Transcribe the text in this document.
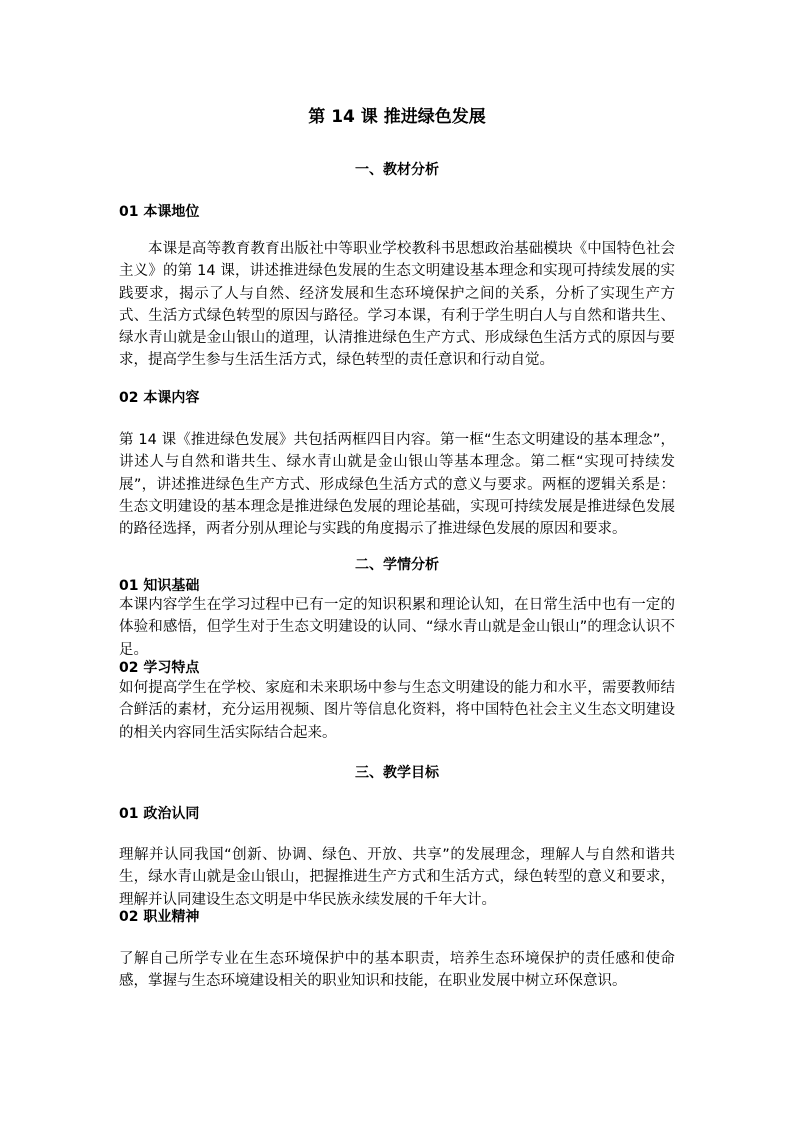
第 14 课 推进绿色发展
一、教材分析
01 本课地位

本课是高等教育教育出版社中等职业学校教科书思想政治基础模块《中国特色社会主义》的第 14 课，讲述推进绿色发展的生态文明建设基本理念和实现可持续发展的实践要求，揭示了人与自然、经济发展和生态环境保护之间的关系，分析了实现生产方式、生活方式绿色转型的原因与路径。学习本课，有利于学生明白人与自然和谐共生、绿水青山就是金山银山的道理，认清推进绿色生产方式、形成绿色生活方式的原因与要求，提高学生参与生活生活方式，绿色转型的责任意识和行动自觉。

02 本课内容

第 14 课《推进绿色发展》共包括两框四目内容。第一框“生态文明建设的基本理念”，讲述人与自然和谐共生、绿水青山就是金山银山等基本理念。第二框“实现可持续发展”，讲述推进绿色生产方式、形成绿色生活方式的意义与要求。两框的逻辑关系是：生态文明建设的基本理念是推进绿色发展的理论基础，实现可持续发展是推进绿色发展的路径选择，两者分别从理论与实践的角度揭示了推进绿色发展的原因和要求。

二、学情分析
01 知识基础

本课内容学生在学习过程中已有一定的知识积累和理论认知，在日常生活中也有一定的体验和感悟，但学生对于生态文明建设的认同、“绿水青山就是金山银山”的理念认识不足。

02 学习特点

如何提高学生在学校、家庭和未来职场中参与生态文明建设的能力和水平，需要教师结合鲜活的素材，充分运用视频、图片等信息化资料，将中国特色社会主义生态文明建设的相关内容同生活实际结合起来。

三、教学目标
01 政治认同

理解并认同我国“创新、协调、绿色、开放、共享”的发展理念，理解人与自然和谐共生，绿水青山就是金山银山，把握推进生产方式和生活方式，绿色转型的意义和要求，理解并认同建设生态文明是中华民族永续发展的千年大计。

02 职业精神

了解自己所学专业在生态环境保护中的基本职责，培养生态环境保护的责任感和使命感，掌握与生态环境建设相关的职业知识和技能，在职业发展中树立环保意识。
